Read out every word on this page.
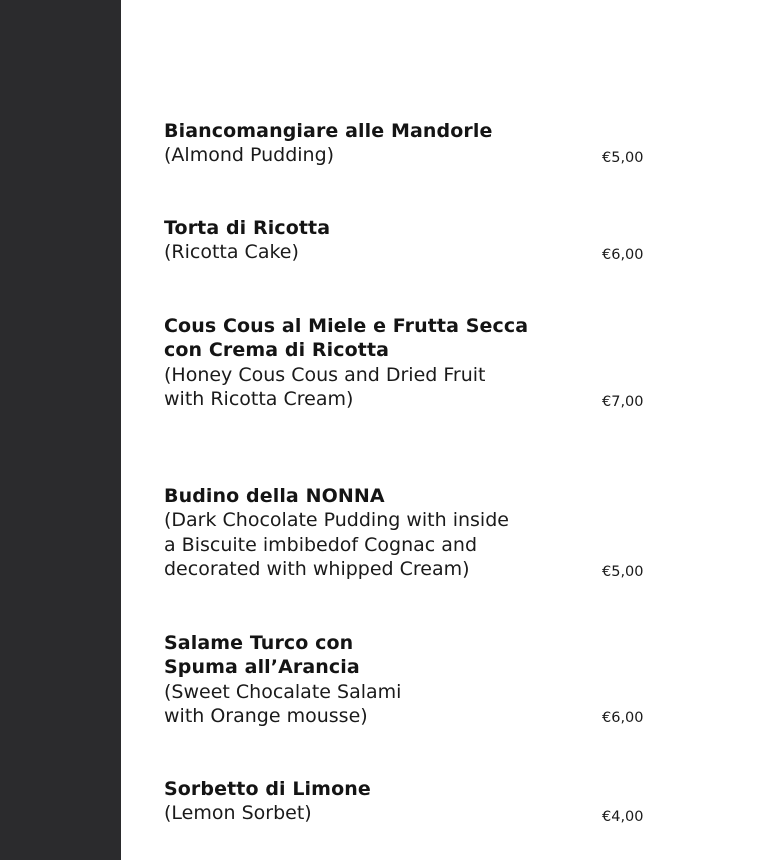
Biancomangiare alle Mandorle
(Almond Pudding)	€5,00
Torta di Ricotta
(Ricotta Cake)	€6,00
Cous Cous al Miele e Frutta Secca
con Crema di Ricotta
(Honey Cous Cous and Dried Fruit
with Ricotta Cream)	€7,00
Budino della NONNA
(Dark Chocolate Pudding with inside
a Biscuite imbibedof Cognac and
decorated with whipped Cream)	€5,00
Salame Turco con
Spuma all’Arancia
(Sweet Chocalate Salami
with Orange mousse)	€6,00
Sorbetto di Limone
(Lemon Sorbet)	€4,00
